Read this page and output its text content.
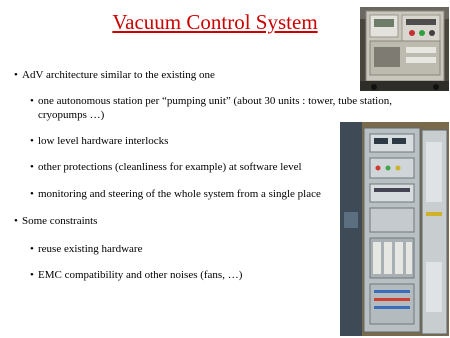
Vacuum Control System
• AdV architecture similar to the existing one
• one autonomous station per “pumping unit” (about 30 units : tower, tube station, cryopumps …)
• low level hardware interlocks
• other protections (cleanliness for example) at software level
• monitoring and steering of the whole system from a single place
• Some constraints
• reuse existing hardware
• EMC compatibility and other noises (fans, …)
